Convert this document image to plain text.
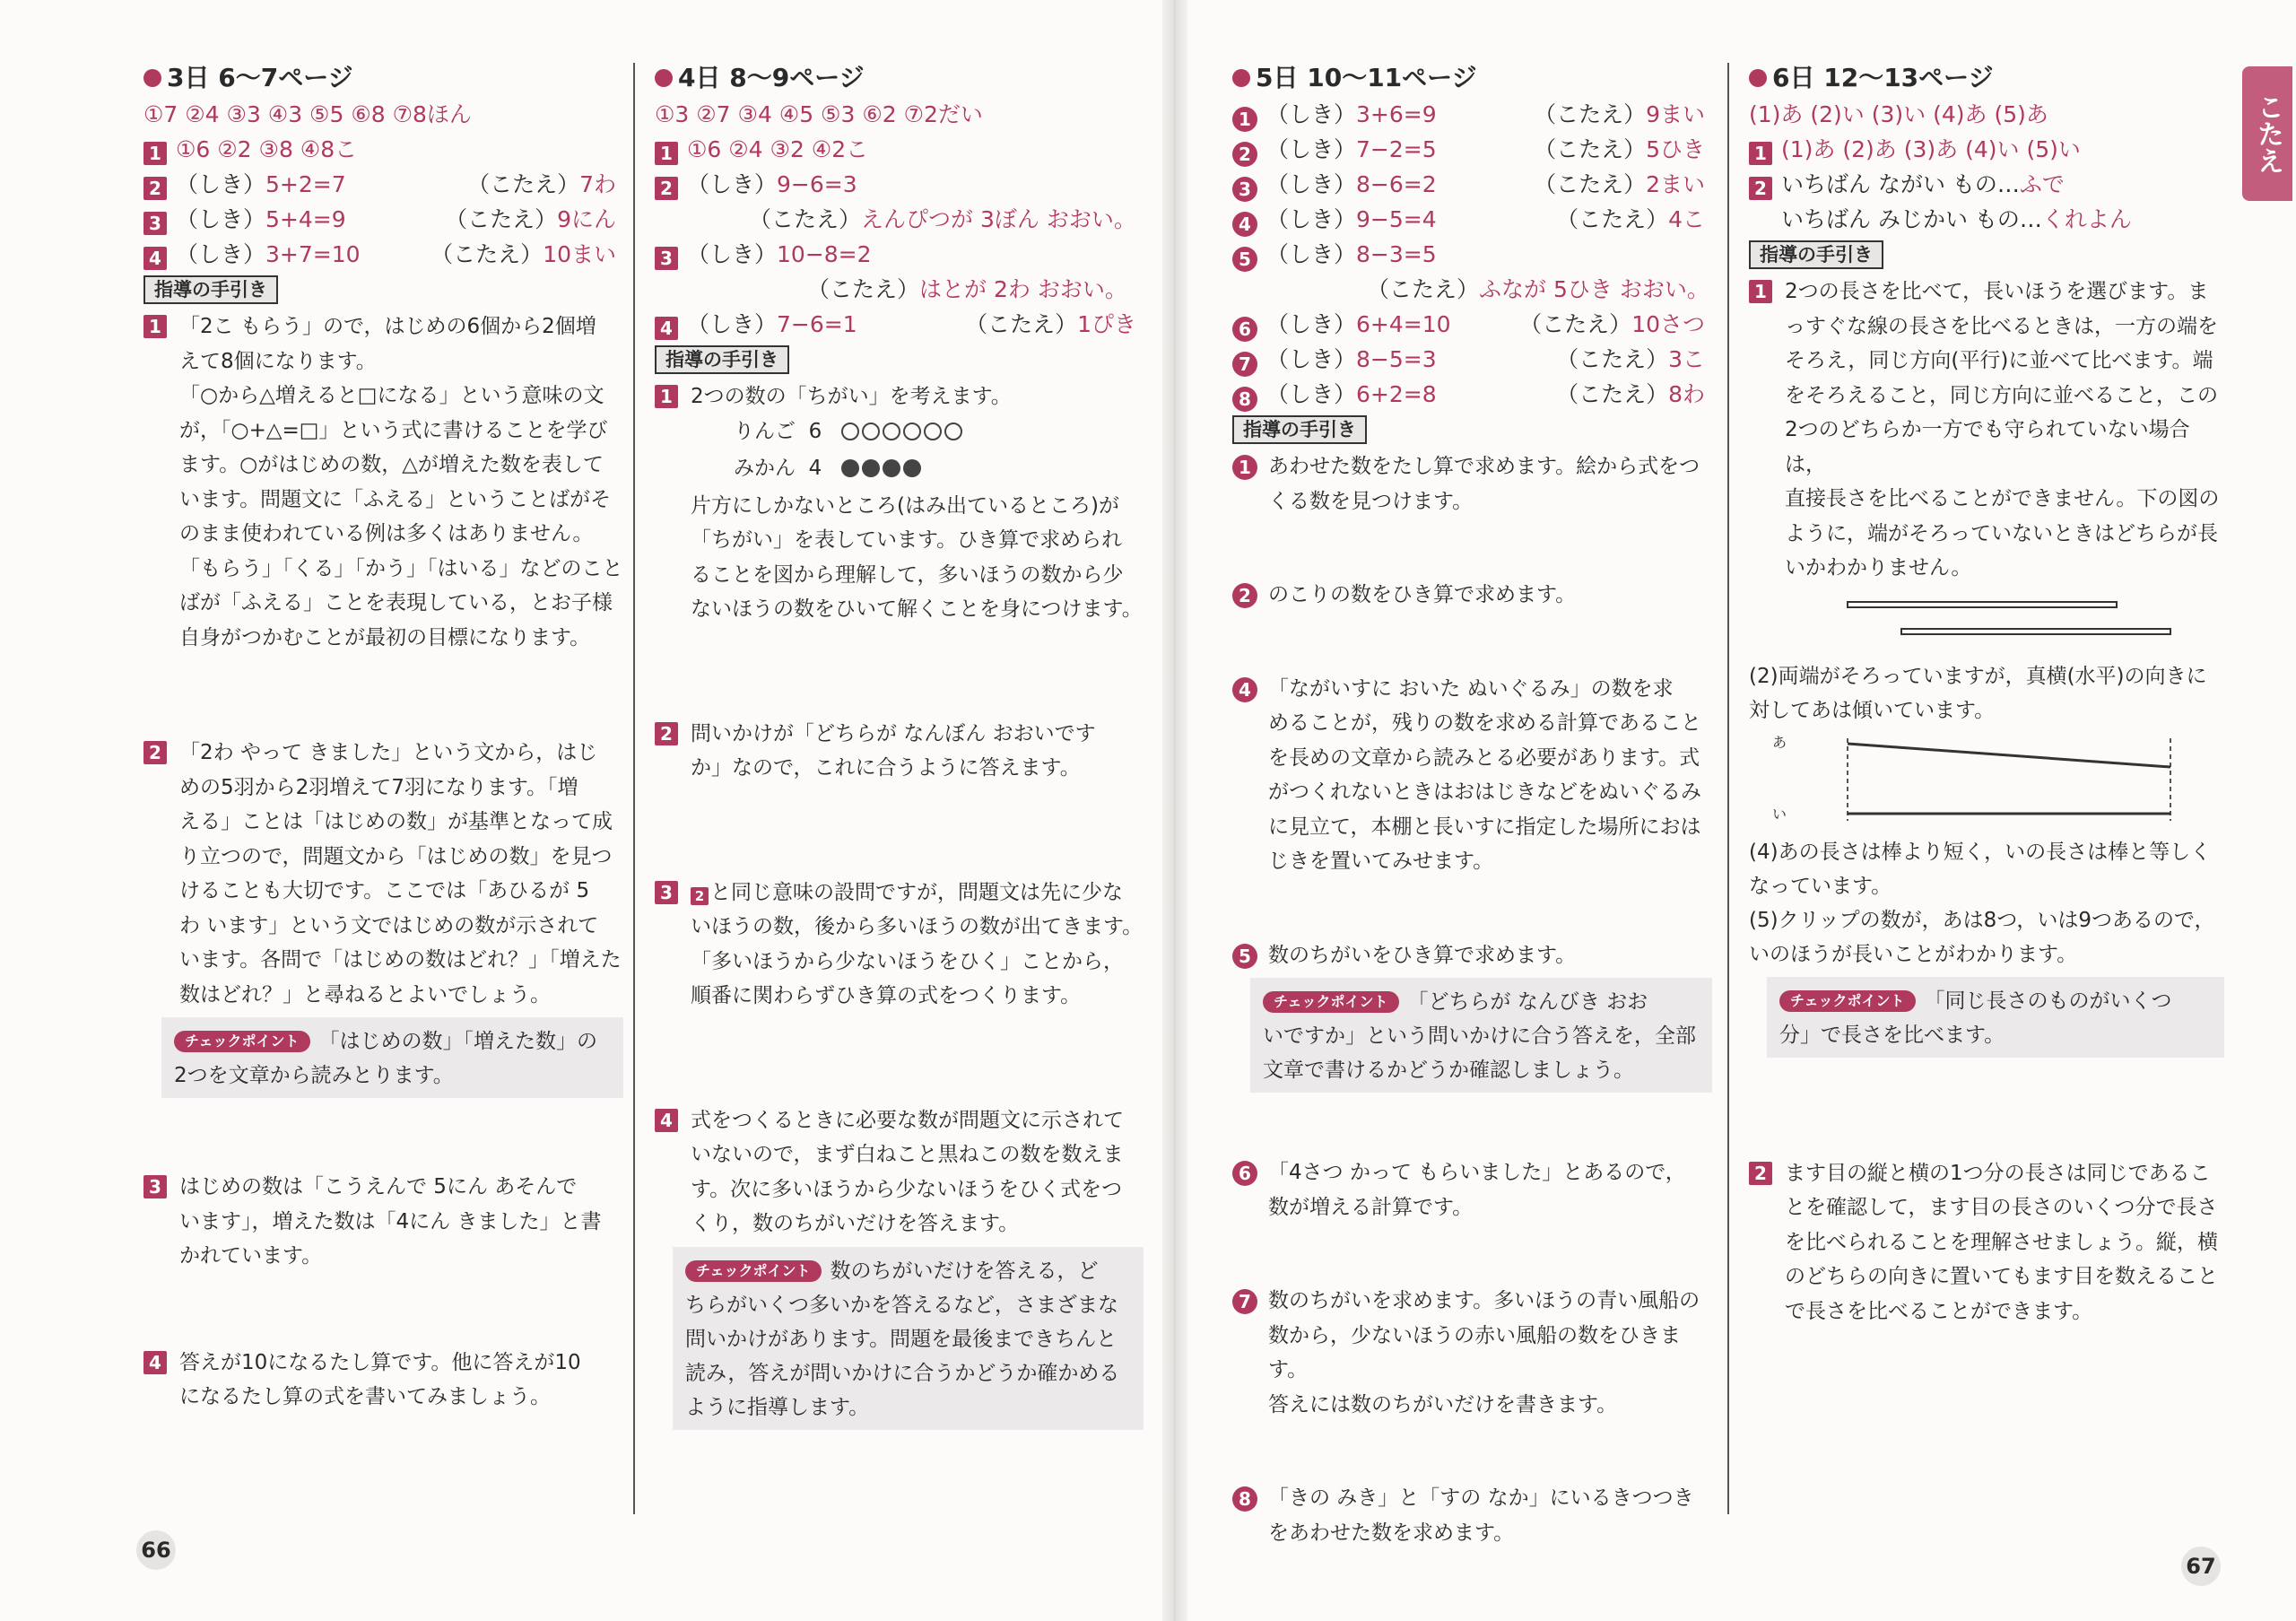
こたえ
3日 6〜7ページ
①7 ②4 ③3 ④3 ⑤5 ⑥8 ⑦8ほん
1 ①6 ②2 ③8 ④8こ
2 （しき）5+2=7	（こたえ）7わ
3 （しき）5+4=9	（こたえ）9にん
4 （しき）3+7=10	（こたえ）10まい
指導の手引き
1 「2こ もらう」ので，はじめの6個から2個増
えて8個になります。
「○から△増えると□になる」という意味の文
が，「○+△=□」という式に書けることを学び
ます。○がはじめの数，△が増えた数を表して
います。問題文に「ふえる」ということばがそ
のまま使われている例は多くはありません。
「もらう」「くる」「かう」「はいる」などのこと
ばが「ふえる」ことを表現している，とお子様
自身がつかむことが最初の目標になります。

2 「2わ やって きました」という文から，はじ
めの5羽から2羽増えて7羽になります。「増
える」ことは「はじめの数」が基準となって成
り立つので，問題文から「はじめの数」を見つ
けることも大切です。ここでは「あひるが 5
わ います」という文ではじめの数が示されて
います。各問で「はじめの数はどれ？」「増えた
数はどれ？」と尋ねるとよいでしょう。

チェックポイント 「はじめの数」「増えた数」の
2つを文章から読みとります。
3 はじめの数は「こうえんで 5にん あそんで
います」，増えた数は「4にん きました」と書
かれています。

4 答えが10になるたし算です。他に答えが10
になるたし算の式を書いてみましょう。

4日 8〜9ページ
①3 ②7 ③4 ④5 ⑤3 ⑥2 ⑦2だい
1 ①6 ②4 ③2 ④2こ
2 （しき）9−6=3
（こたえ）えんぴつが 3ぼん おおい。
3 （しき）10−8=2
（こたえ）はとが 2わ おおい。
4 （しき）7−6=1	（こたえ）1ぴき
指導の手引き
1 2つの数の「ちがい」を考えます。

りんご 6
みかん 4

片方にしかないところ(はみ出ているところ)が
「ちがい」を表しています。ひき算で求められ
ることを図から理解して，多いほうの数から少
ないほうの数をひいて解くことを身につけます。

2 問いかけが「どちらが なんぼん おおいです
か」なので，これに合うように答えます。

3	2 と同じ意味の設問ですが，問題文は先に少な

いほうの数，後から多いほうの数が出てきます。
「多いほうから少ないほうをひく」ことから，
順番に関わらずひき算の式をつくります。

4 式をつくるときに必要な数が問題文に示されて
いないので，まず白ねこと黒ねこの数を数えま
す。次に多いほうから少ないほうをひく式をつ
くり，数のちがいだけを答えます。

チェックポイント 数のちがいだけを答える，ど
ちらがいくつ多いかを答えるなど，さまざまな
問いかけがあります。問題を最後まできちんと
読み，答えが問いかけに合うかどうか確かめる
ように指導します。
5日 10〜11ページ
1 （しき）3+6=9	（こたえ）9まい
2 （しき）7−2=5	（こたえ）5ひき
3 （しき）8−6=2	（こたえ）2まい
4 （しき）9−5=4	（こたえ）4こ
5 （しき）8−3=5
（こたえ）ふなが 5ひき おおい。
6 （しき）6+4=10	（こたえ）10さつ
7 （しき）8−5=3	（こたえ）3こ
8 （しき）6+2=8	（こたえ）8わ
指導の手引き
1 あわせた数をたし算で求めます。絵から式をつ
くる数を見つけます。

2 のこりの数をひき算で求めます。

4 「ながいすに おいた ぬいぐるみ」の数を求
めることが，残りの数を求める計算であること
を長めの文章から読みとる必要があります。式
がつくれないときはおはじきなどをぬいぐるみ
に見立て，本棚と長いすに指定した場所におは
じきを置いてみせます。

5 数のちがいをひき算で求めます。

チェックポイント 「どちらが なんびき おお
いですか」という問いかけに合う答えを，全部
文章で書けるかどうか確認しましょう。
6 「4さつ かって もらいました」とあるので，
数が増える計算です。

7 数のちがいを求めます。多いほうの青い風船の
数から，少ないほうの赤い風船の数をひきます。
答えには数のちがいだけを書きます。

8 「きの みき」と「すの なか」にいるきつつき
をあわせた数を求めます。

6日 12〜13ページ
(1)あ (2)い (3)い (4)あ (5)あ
1 (1)あ (2)あ (3)あ (4)い (5)い
2 いちばん ながい もの…ふで
いちばん みじかい もの…くれよん
指導の手引き
1 2つの長さを比べて，長いほうを選びます。ま
っすぐな線の長さを比べるときは，一方の端を
そろえ，同じ方向(平行)に並べて比べます。端
をそろえること，同じ方向に並べること，この
2つのどちらか一方でも守られていない場合は，
直接長さを比べることができません。下の図の
ように，端がそろっていないときはどちらが長
いかわかりません。

(2)両端がそろっていますが，真横(水平)の向きに
対してあは傾いています。
あ
い
(4)あの長さは棒より短く，いの長さは棒と等しく
なっています。
(5)クリップの数が，あは8つ，いは9つあるので，
いのほうが長いことがわかります。
チェックポイント 「同じ長さのものがいくつ
分」で長さを比べます。
2 ます目の縦と横の1つ分の長さは同じであるこ
とを確認して，ます目の長さのいくつ分で長さ
を比べられることを理解させましょう。縦，横
のどちらの向きに置いてもます目を数えること
で長さを比べることができます。

66
67
